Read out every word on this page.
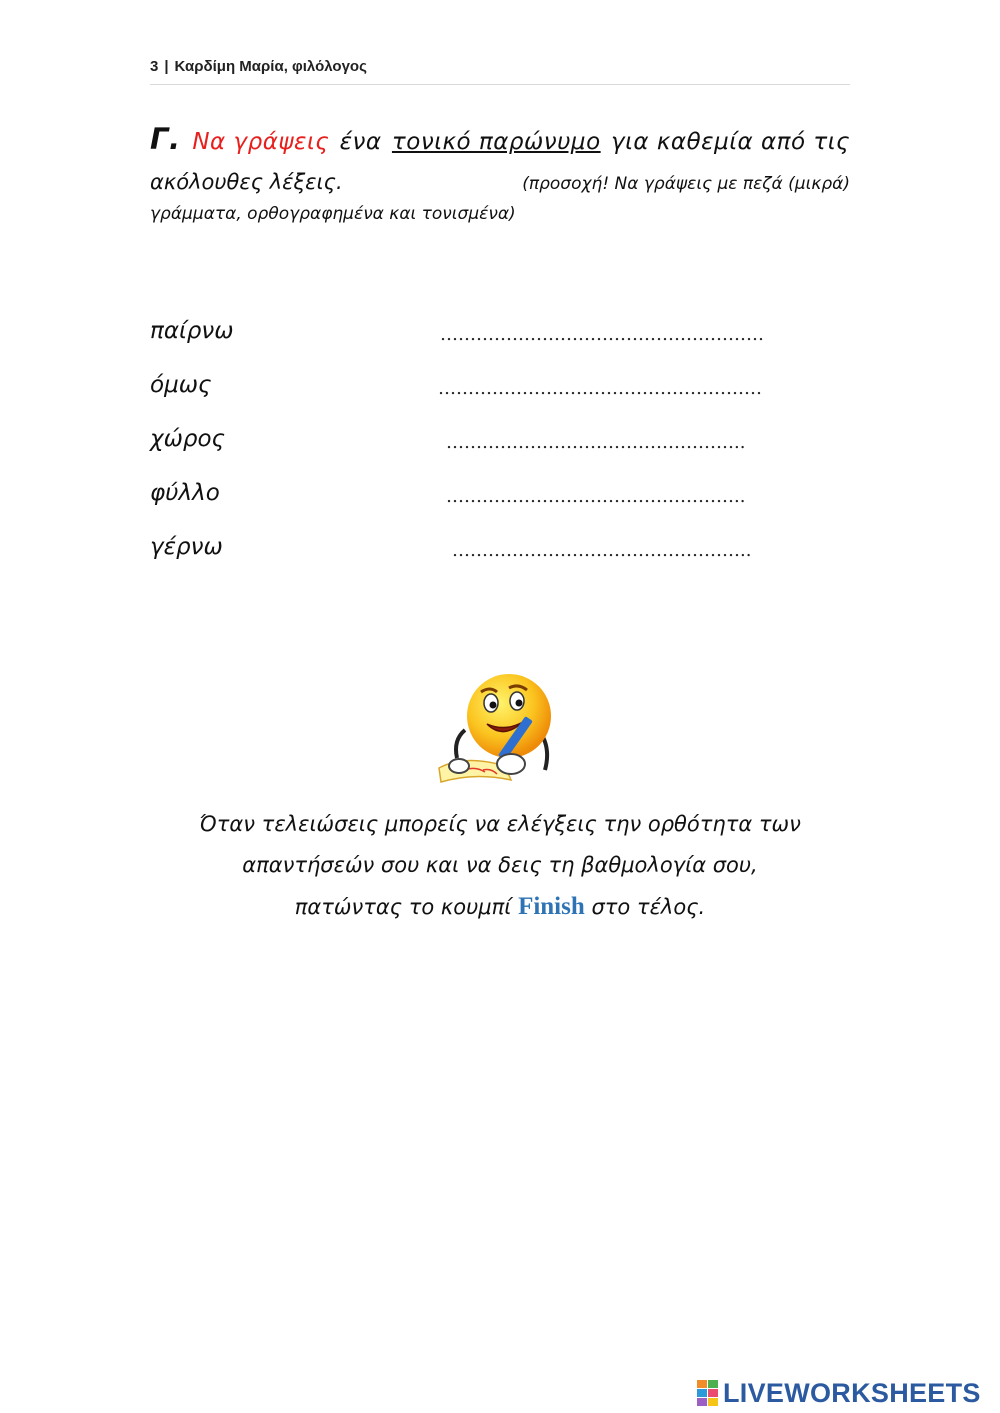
3 | Καρδίμη Μαρία, φιλόλογος
Γ. Να γράψεις ένα τονικό παρώνυμο για καθεμία από τις
ακόλουθες λέξεις.	(προσοχή! Να γράψεις με πεζά (μικρά)
γράμματα, ορθογραφημένα και τονισμένα)
παίρνω	………………………………………………
όμως	………………………………………………
χώρος	…………………………………………..
φύλλο	…………………………………………..
γέρνω	…………………………………………..
Όταν τελειώσεις μπορείς να ελέγξεις την ορθότητα των
απαντήσεών σου και να δεις τη βαθμολογία σου,
πατώντας το κουμπί Finish στο τέλος.
LIVEWORKSHEETS
